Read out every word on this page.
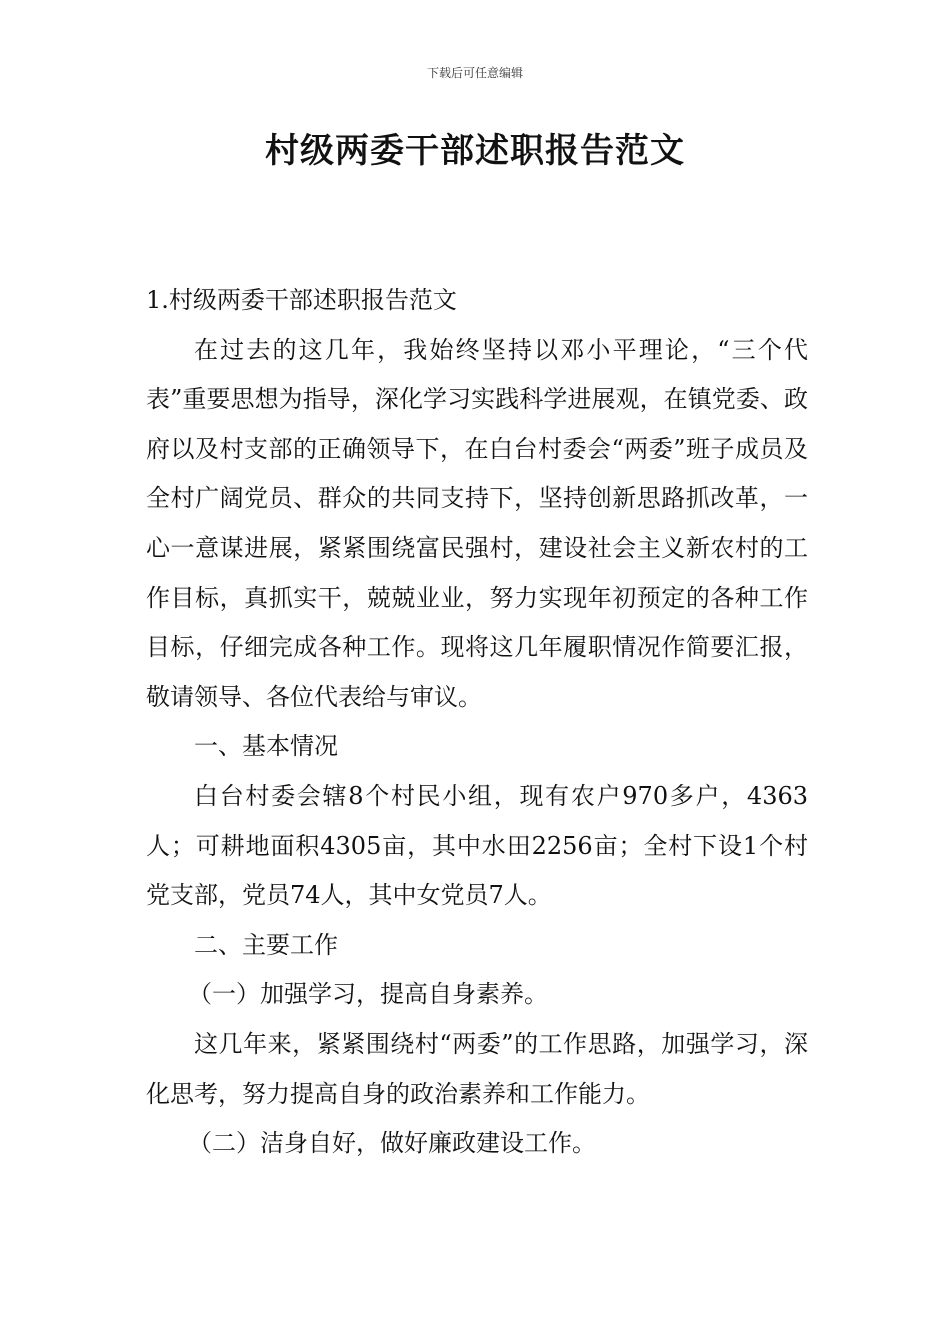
下载后可任意编辑
村级两委干部述职报告范文

1.村级两委干部述职报告范文

在过去的这几年，我始终坚持以邓小平理论，“三个代表”重要思想为指导，深化学习实践科学进展观，在镇党委、政府以及村支部的正确领导下，在白台村委会“两委”班子成员及全村广阔党员、群众的共同支持下，坚持创新思路抓改革，一心一意谋进展，紧紧围绕富民强村，建设社会主义新农村的工作目标，真抓实干，兢兢业业，努力实现年初预定的各种工作目标，仔细完成各种工作。现将这几年履职情况作简要汇报，敬请领导、各位代表给与审议。

一、基本情况

白台村委会辖8个村民小组，现有农户970多户，4363人；可耕地面积4305亩，其中水田2256亩；全村下设1个村党支部，党员74人，其中女党员7人。

二、主要工作

（一）加强学习，提高自身素养。

这几年来，紧紧围绕村“两委”的工作思路，加强学习，深化思考，努力提高自身的政治素养和工作能力。

（二）洁身自好，做好廉政建设工作。
